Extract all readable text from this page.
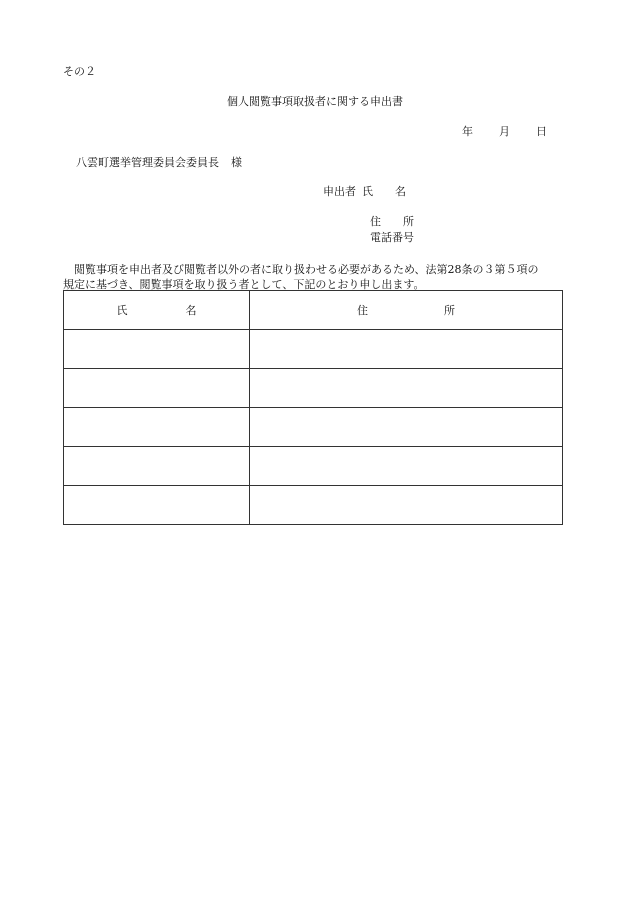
その２
個人閲覧事項取扱者に関する申出書
年 月 日
八雲町選挙管理委員会委員長 様
申出者 氏 名
住 所
電話番号
　閲覧事項を申出者及び閲覧者以外の者に取り扱わせる必要があるため、法第28条の３第５項の
規定に基づき、閲覧事項を取り扱う者として、下記のとおり申し出ます。
氏 名	住 所
